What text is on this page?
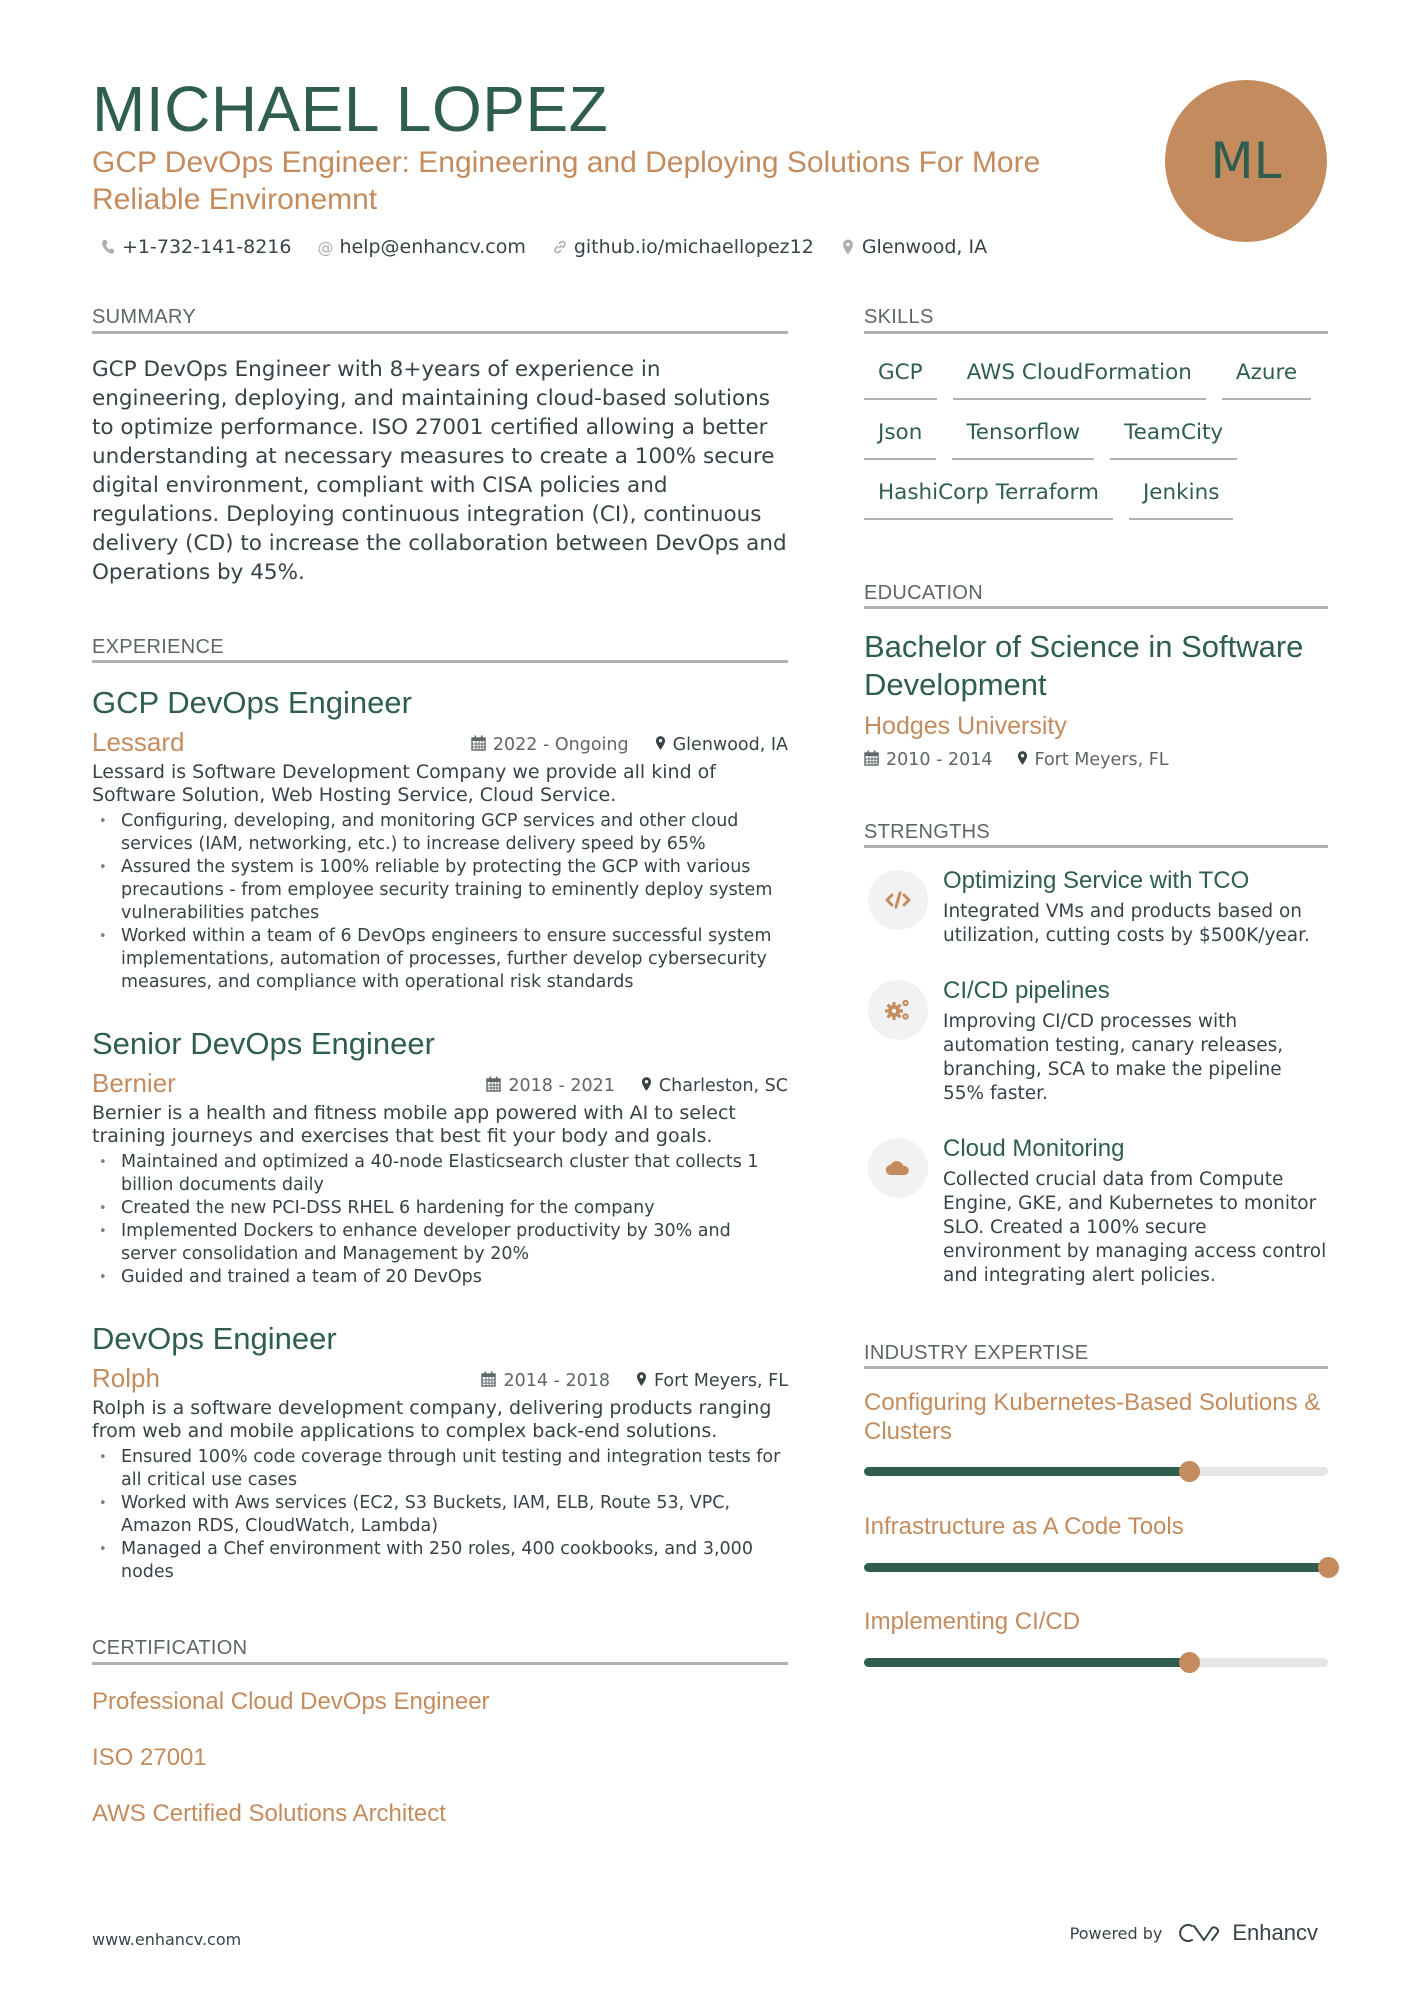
MICHAEL LOPEZ
GCP DevOps Engineer: Engineering and Deploying Solutions For More Reliable Environemnt
ML
+1-732-141-8216 @ help@enhancv.com	github.io/michaellopez12	Glenwood, IA
SUMMARY
GCP DevOps Engineer with 8+years of experience in engineering, deploying, and maintaining cloud-based solutions to optimize performance. ISO 27001 certified allowing a better understanding at necessary measures to create a 100% secure digital environment, compliant with CISA policies and regulations. Deploying continuous integration (CI), continuous delivery (CD) to increase the collaboration between DevOps and Operations by 45%.
EXPERIENCE
GCP DevOps Engineer
Lessard	2022 - Ongoing	Glenwood, IA
Lessard is Software Development Company we provide all kind of Software Solution, Web Hosting Service, Cloud Service.
• Configuring, developing, and monitoring GCP services and other cloud services (IAM, networking, etc.) to increase delivery speed by 65%
• Assured the system is 100% reliable by protecting the GCP with various precautions - from employee security training to eminently deploy system vulnerabilities patches
• Worked within a team of 6 DevOps engineers to ensure successful system implementations, automation of processes, further develop cybersecurity measures, and compliance with operational risk standards
Senior DevOps Engineer
Bernier	2018 - 2021	Charleston, SC
Bernier is a health and fitness mobile app powered with AI to select training journeys and exercises that best fit your body and goals.
• Maintained and optimized a 40-node Elasticsearch cluster that collects 1 billion documents daily
• Created the new PCI-DSS RHEL 6 hardening for the company
• Implemented Dockers to enhance developer productivity by 30% and server consolidation and Management by 20%
• Guided and trained a team of 20 DevOps
DevOps Engineer
Rolph	2014 - 2018	Fort Meyers, FL
Rolph is a software development company, delivering products ranging from web and mobile applications to complex back-end solutions.
• Ensured 100% code coverage through unit testing and integration tests for all critical use cases
• Worked with Aws services (EC2, S3 Buckets, IAM, ELB, Route 53, VPC, Amazon RDS, CloudWatch, Lambda)
• Managed a Chef environment with 250 roles, 400 cookbooks, and 3,000 nodes
CERTIFICATION
Professional Cloud DevOps Engineer
ISO 27001
AWS Certified Solutions Architect
SKILLS
GCP	AWS CloudFormation	Azure
Json	Tensorflow	TeamCity
HashiCorp Terraform	Jenkins
EDUCATION
Bachelor of Science in Software Development
Hodges University
2010 - 2014 Fort Meyers, FL
STRENGTHS
Optimizing Service with TCO
Integrated VMs and products based on utilization, cutting costs by $500K/year.
CI/CD pipelines
Improving CI/CD processes with automation testing, canary releases, branching, SCA to make the pipeline 55% faster.
Cloud Monitoring
Collected crucial data from Compute Engine, GKE, and Kubernetes to monitor SLO. Created a 100% secure environment by managing access control and integrating alert policies.
INDUSTRY EXPERTISE
Configuring Kubernetes-Based Solutions & Clusters
Infrastructure as A Code Tools
Implementing CI/CD
www.enhancv.com	Powered by	Enhancv
